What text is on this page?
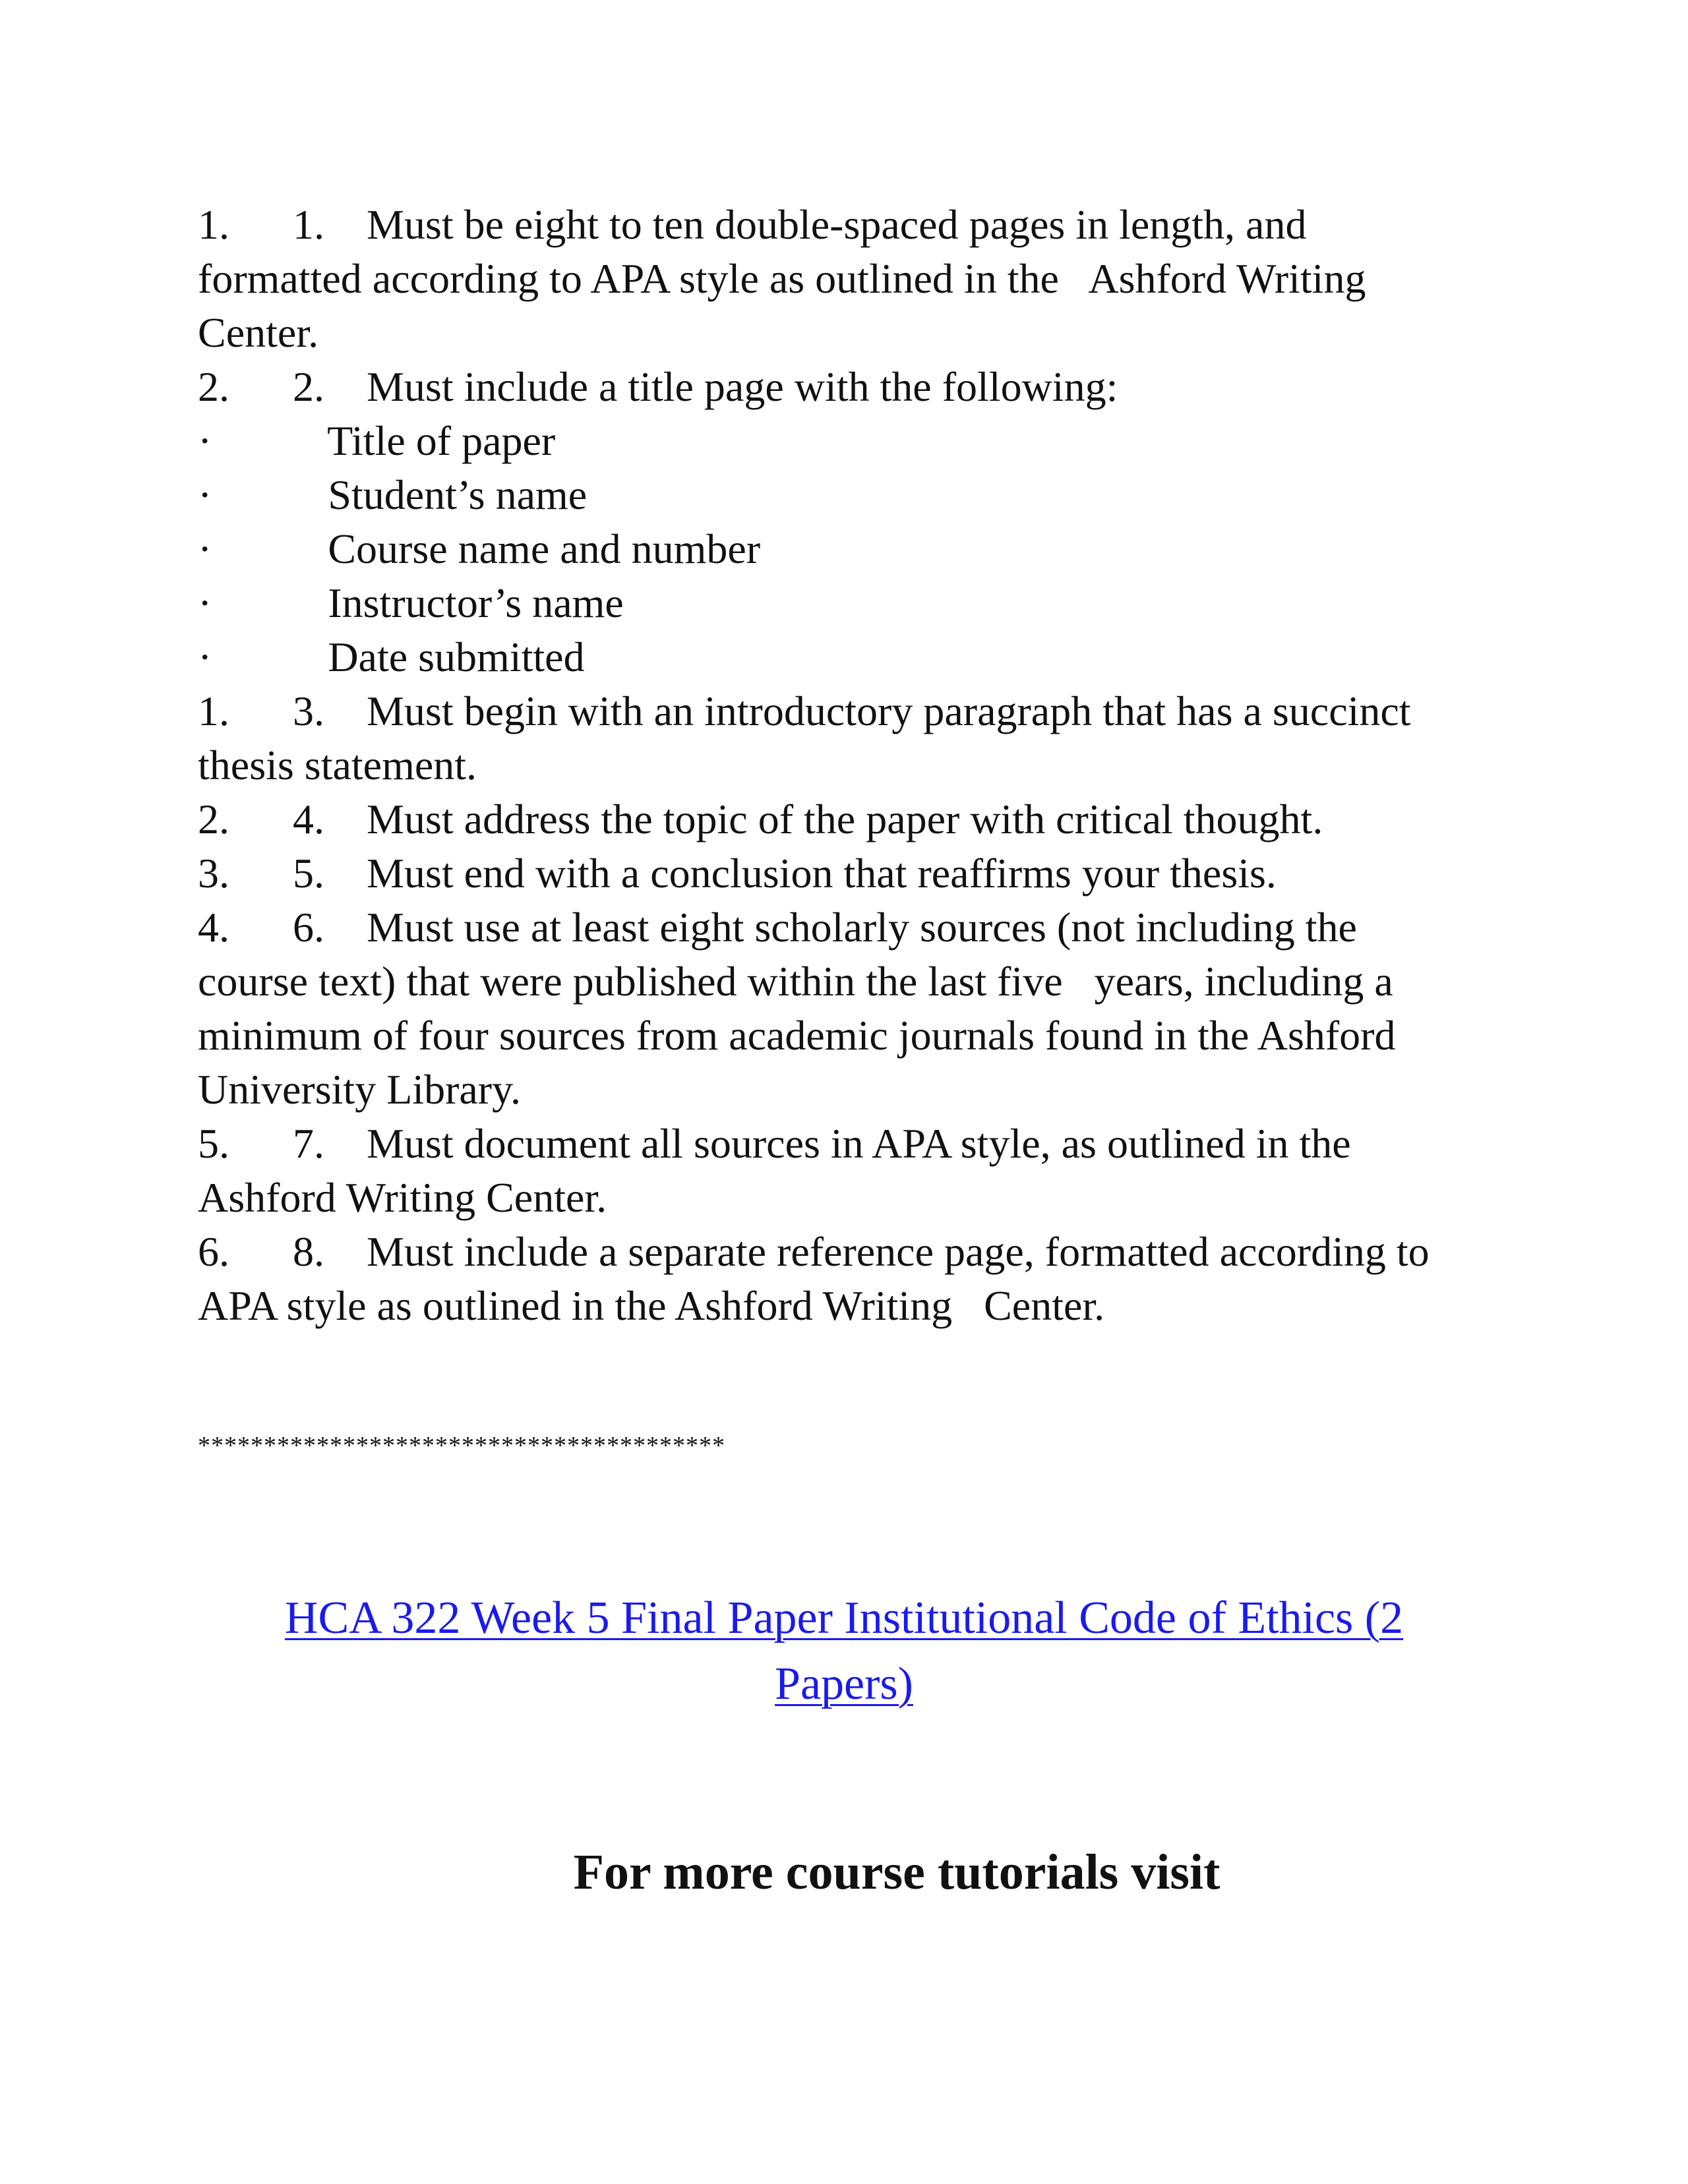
1.      1.    Must be eight to ten double-spaced pages in length, and
formatted according to APA style as outlined in the   Ashford Writing
Center.
2.      2.    Must include a title page with the following:
·           Title of paper
·           Student’s name
·           Course name and number
·           Instructor’s name
·           Date submitted
1.      3.    Must begin with an introductory paragraph that has a succinct
thesis statement.
2.      4.    Must address the topic of the paper with critical thought.
3.      5.    Must end with a conclusion that reaffirms your thesis.
4.      6.    Must use at least eight scholarly sources (not including the
course text) that were published within the last five   years, including a
minimum of four sources from academic journals found in the Ashford
University Library.
5.      7.    Must document all sources in APA style, as outlined in the
Ashford Writing Center.
6.      8.    Must include a separate reference page, formatted according to
APA style as outlined in the Ashford Writing   Center.
****************************************
HCA 322 Week 5 Final Paper Institutional Code of Ethics (2
Papers)
For more course tutorials visit
